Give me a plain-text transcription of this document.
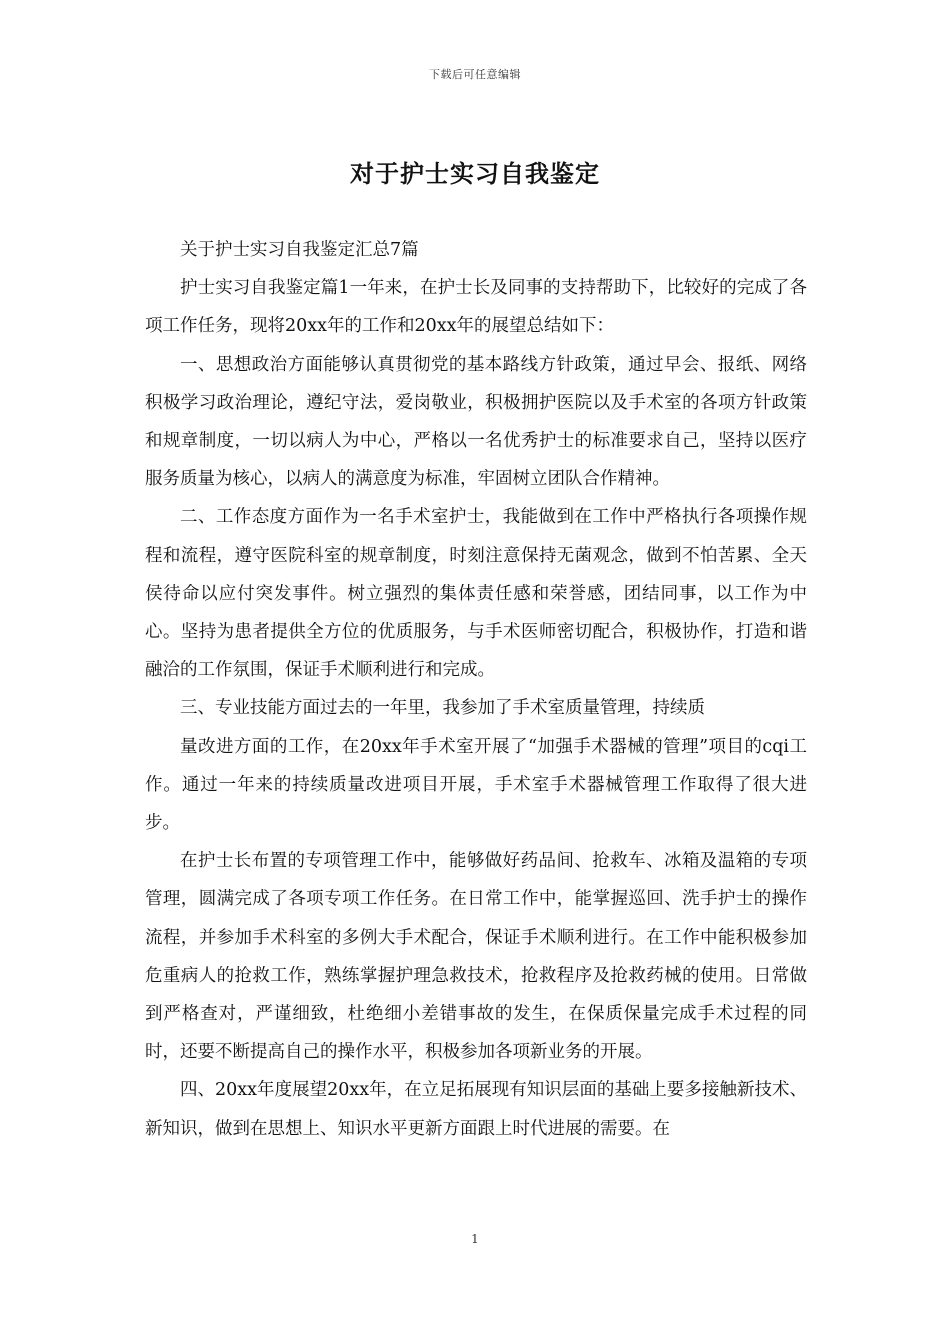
下载后可任意编辑
对于护士实习自我鉴定

关于护士实习自我鉴定汇总7篇

护士实习自我鉴定篇1一年来，在护士长及同事的支持帮助下，比较好的完成了各项工作任务，现将20xx年的工作和20xx年的展望总结如下：

一、思想政治方面能够认真贯彻党的基本路线方针政策，通过早会、报纸、网络积极学习政治理论，遵纪守法，爱岗敬业，积极拥护医院以及手术室的各项方针政策和规章制度，一切以病人为中心，严格以一名优秀护士的标准要求自己，坚持以医疗服务质量为核心，以病人的满意度为标准，牢固树立团队合作精神。

二、工作态度方面作为一名手术室护士，我能做到在工作中严格执行各项操作规程和流程，遵守医院科室的规章制度，时刻注意保持无菌观念，做到不怕苦累、全天侯待命以应付突发事件。树立强烈的集体责任感和荣誉感，团结同事，以工作为中心。坚持为患者提供全方位的优质服务，与手术医师密切配合，积极协作，打造和谐融洽的工作氛围，保证手术顺利进行和完成。

三、专业技能方面过去的一年里，我参加了手术室质量管理，持续质

量改进方面的工作，在20xx年手术室开展了“加强手术器械的管理”项目的cqi工作。通过一年来的持续质量改进项目开展，手术室手术器械管理工作取得了很大进步。

在护士长布置的专项管理工作中，能够做好药品间、抢救车、冰箱及温箱的专项管理，圆满完成了各项专项工作任务。在日常工作中，能掌握巡回、洗手护士的操作流程，并参加手术科室的多例大手术配合，保证手术顺利进行。在工作中能积极参加危重病人的抢救工作，熟练掌握护理急救技术，抢救程序及抢救药械的使用。日常做到严格查对，严谨细致，杜绝细小差错事故的发生，在保质保量完成手术过程的同时，还要不断提高自己的操作水平，积极参加各项新业务的开展。

四、20xx年度展望20xx年，在立足拓展现有知识层面的基础上要多接触新技术、新知识，做到在思想上、知识水平更新方面跟上时代进展的需要。在

1
